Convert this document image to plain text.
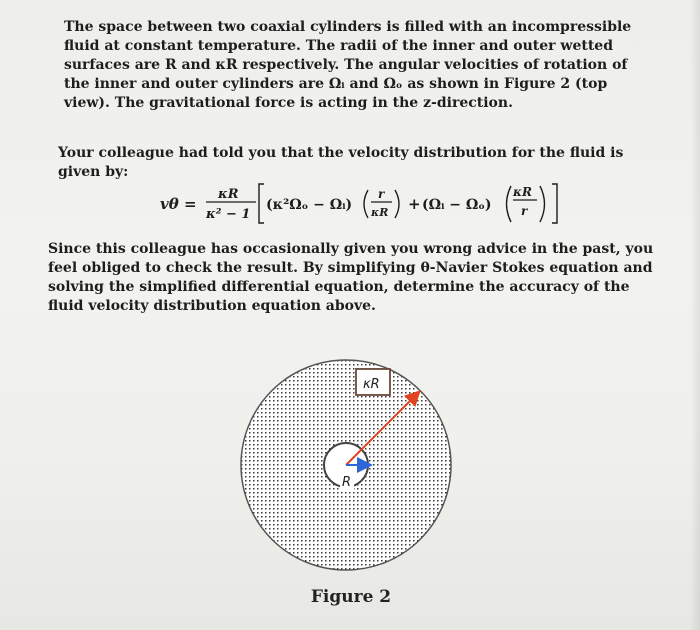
The space between two coaxial cylinders is filled with an incompressible fluid at constant temperature. The radii of the inner and outer wetted surfaces are R and κR respectively. The angular velocities of rotation of the inner and outer cylinders are Ωᵢ and Ωₒ as shown in Figure 2 (top view). The gravitational force is acting in the z-direction.

Your colleague had told you that the velocity distribution for the fluid is given by:

vθ =
κR
κ² − 1
(κ²Ωₒ − Ωᵢ)
r
κR + (Ωᵢ − Ωₒ)
κR
r

Since this colleague has occasionally given you wrong advice in the past, you feel obliged to check the result. By simplifying θ-Navier Stokes equation and solving the simplified differential equation, determine the accuracy of the fluid velocity distribution equation above.

κR
R
Figure 2
